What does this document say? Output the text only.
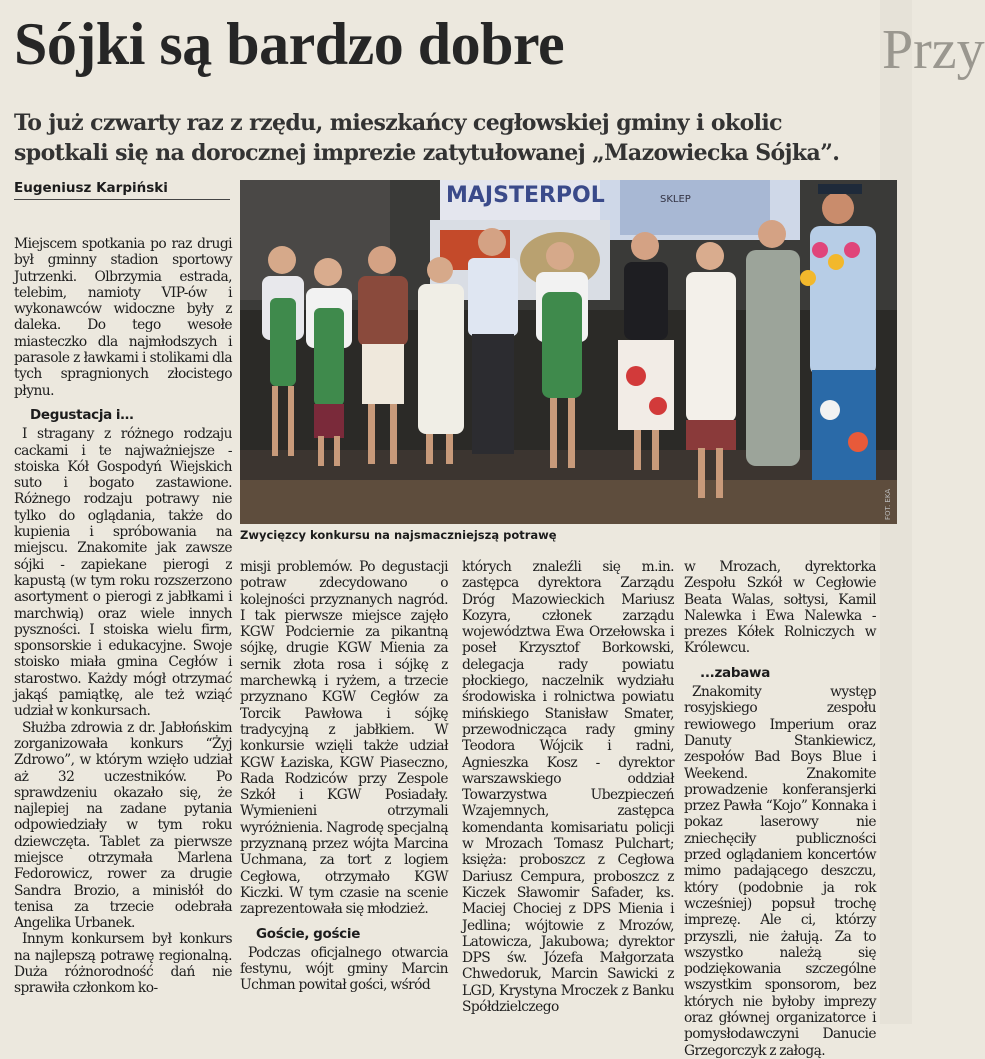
Przy
Sójki są bardzo dobre

To już czwarty raz z rzędu, mieszkańcy cegłowskiej gminy i okolic spotkali się na dorocznej imprezie zatytułowanej „Mazowiecka Sójka”.

Eugeniusz Karpiński	MAJSTERPOL	SKLEP
FOT. EKA

Zwycięzcy konkursu na najsmaczniejszą potrawę

Miejscem spotkania po raz drugi był gminny stadion sportowy Jutrzenki. Olbrzymia estrada, telebim, namioty VIP-ów i wykonawców widoczne były z daleka. Do tego wesołe miasteczko dla najmłodszych i parasole z ławkami i stolikami dla tych spragnionych złocistego płynu.

Degustacja i…

I stragany z różnego rodzaju cackami i te najważniejsze - stoiska Kół Gospodyń Wiejskich suto i bogato zastawione. Różnego rodzaju potrawy nie tylko do oglądania, także do kupienia i spróbowania na miejscu. Znakomite jak zawsze sójki - zapiekane pierogi z kapustą (w tym roku rozszerzono asortyment o pierogi z jabłkami i marchwią) oraz wiele innych pyszności. I stoiska wielu firm, sponsorskie i edukacyjne. Swoje stoisko miała gmina Cegłów i starostwo. Każdy mógł otrzymać jakąś pamiątkę, ale też wziąć udział w konkursach.

Służba zdrowia z dr. Jabłońskim zorganizowała konkurs “Żyj Zdrowo”, w którym wzięło udział aż 32 uczestników. Po sprawdzeniu okazało się, że najlepiej na zadane pytania odpowiedziały w tym roku dziewczęta. Tablet za pierwsze miejsce otrzymała Marlena Fedorowicz, rower za drugie Sandra Brozio, a minisłół do tenisa za trzecie odebrała Angelika Urbanek.

Innym konkursem był konkurs na najlepszą potrawę regionalną. Duża różnorodność dań nie sprawiła członkom ko-

misji problemów. Po degustacji potraw zdecydowano o kolejności przyznanych nagród. I tak pierwsze miejsce zajęło KGW Podciernie za pikantną sójkę, drugie KGW Mienia za sernik złota rosa i sójkę z marchewką i ryżem, a trzecie przyznano KGW Cegłów za Torcik Pawłowa i sójkę tradycyjną z jabłkiem. W konkursie wzięli także udział KGW Łaziska, KGW Piaseczno, Rada Rodziców przy Zespole Szkół i KGW Posiadały. Wymienieni otrzymali wyróżnienia. Nagrodę specjalną przyznaną przez wójta Marcina Uchmana, za tort z logiem Cegłowa, otrzymało KGW Kiczki. W tym czasie na scenie zaprezentowała się młodzież.

Goście, goście

Podczas oficjalnego otwarcia festynu, wójt gminy Marcin Uchman powitał gości, wśród

których znaleźli się m.in. zastępca dyrektora Zarządu Dróg Mazowieckich Mariusz Kozyra, członek zarządu województwa Ewa Orzełowska i poseł Krzysztof Borkowski, delegacja rady powiatu płockiego, naczelnik wydziału środowiska i rolnictwa powiatu mińskiego Stanisław Smater, przewodnicząca rady gminy Teodora Wójcik i radni, Agnieszka Kosz - dyrektor warszawskiego oddział Towarzystwa Ubezpieczeń Wzajemnych, zastępca komendanta komisariatu policji w Mrozach Tomasz Pulchart; księża: proboszcz z Cegłowa Dariusz Cempura, proboszcz z Kiczek Sławomir Safader, ks. Maciej Chociej z DPS Mienia i Jedlina; wójtowie z Mrozów, Latowicza, Jakubowa; dyrektor DPS św. Józefa Małgorzata Chwedoruk, Marcin Sawicki z LGD, Krystyna Mroczek z Banku Spółdzielczego

w Mrozach, dyrektorka Zespołu Szkół w Cegłowie Beata Walas, sołtysi, Kamil Nalewka i Ewa Nalewka - prezes Kółek Rolniczych w Królewcu.

...zabawa

Znakomity występ rosyjskiego zespołu rewiowego Imperium oraz Danuty Stankiewicz, zespołów Bad Boys Blue i Weekend. Znakomite prowadzenie konferansjerki przez Pawła “Kojo” Konnaka i pokaz laserowy nie zniechęciły publiczności przed oglądaniem koncertów mimo padającego deszczu, który (podobnie ja rok wcześniej) popsuł trochę imprezę. Ale ci, którzy przyszli, nie żałują. Za to wszystko należą się podziękowania szczególne wszystkim sponsorom, bez których nie byłoby imprezy oraz głównej organizatorce i pomysłodawczyni Danucie Grzegorczyk z załogą.
